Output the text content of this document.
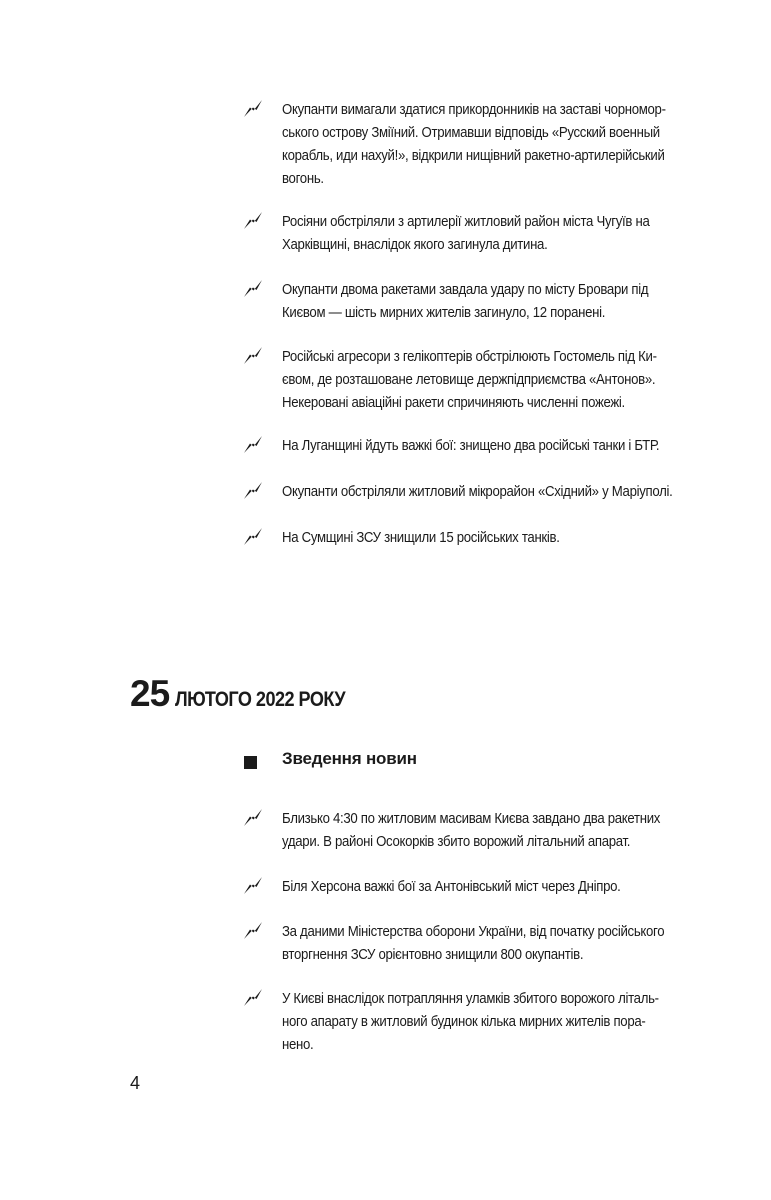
Окупанти вимагали здатися прикордонників на заставі чорномор-
ського острову Зміїний. Отримавши відповідь «Русский военный
корабль, иди нахуй!», відкрили нищівний ракетно-артилерійський
вогонь.
Росіяни обстріляли з артилерії житловий район міста Чугуїв на
Харківщині, внаслідок якого загинула дитина.
Окупанти двома ракетами завдала удару по місту Бровари під
Києвом — шість мирних жителів загинуло, 12 поранені.
Російські агресори з гелікоптерів обстрілюють Гостомель під Ки-
євом, де розташоване летовище держпідприємства «Антонов».
Некеровані авіаційні ракети спричиняють численні пожежі.
На Луганщині йдуть важкі бої: знищено два російські танки і БТР.
Окупанти обстріляли житловий мікрорайон «Східний» у Маріуполі.
На Сумщині ЗСУ знищили 15 російських танків.
25 ЛЮТОГО 2022 РОКУ
Зведення новин
Близько 4:30 по житловим масивам Києва завдано два ракетних
удари. В районі Осокорків збито ворожий літальний апарат.
Біля Херсона важкі бої за Антонівський міст через Дніпро.
За даними Міністерства оборони України, від початку російського
вторгнення ЗСУ орієнтовно знищили 800 окупантів.
У Києві внаслідок потрапляння уламків збитого ворожого літаль-
ного апарату в житловий будинок кілька мирних жителів пора-
нено.
4
